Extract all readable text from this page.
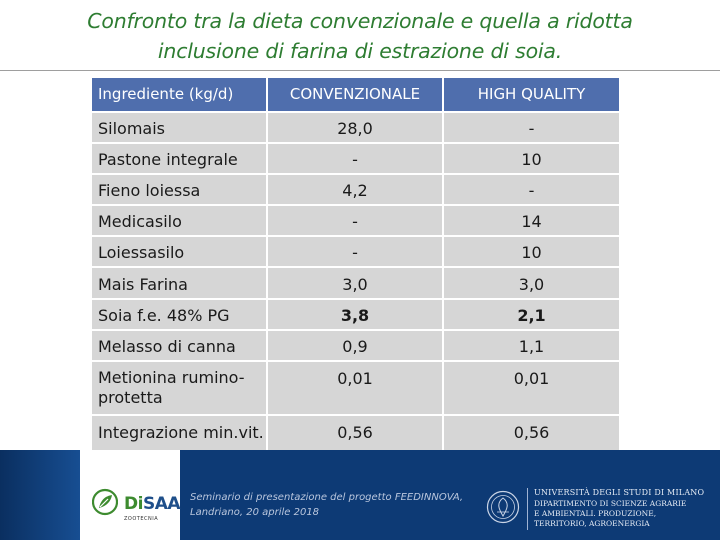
Confronto tra la dieta convenzionale e quella a ridotta
inclusione di farina di estrazione di soia.
Ingrediente (kg/d)	CONVENZIONALE	HIGH QUALITY
Silomais	28,0	-
Pastone integrale	-	10
Fieno loiessa	4,2	-
Medicasilo	-	14
Loiessasilo	-	10
Mais Farina	3,0	3,0
Soia f.e. 48% PG	3,8	2,1
Melasso di canna	0,9	1,1
Metionina rumino-
protetta
0,01	0,01
Integrazione min.vit.	0,56	0,56
DiSAA
ZOOTECNIA
Seminario di presentazione del progetto FEEDINNOVA,
Landriano, 20 aprile 2018
UNIVERSITÀ DEGLI STUDI DI MILANO
DIPARTIMENTO DI SCIENZE AGRARIE
E AMBIENTALI. PRODUZIONE,
TERRITORIO, AGROENERGIA
